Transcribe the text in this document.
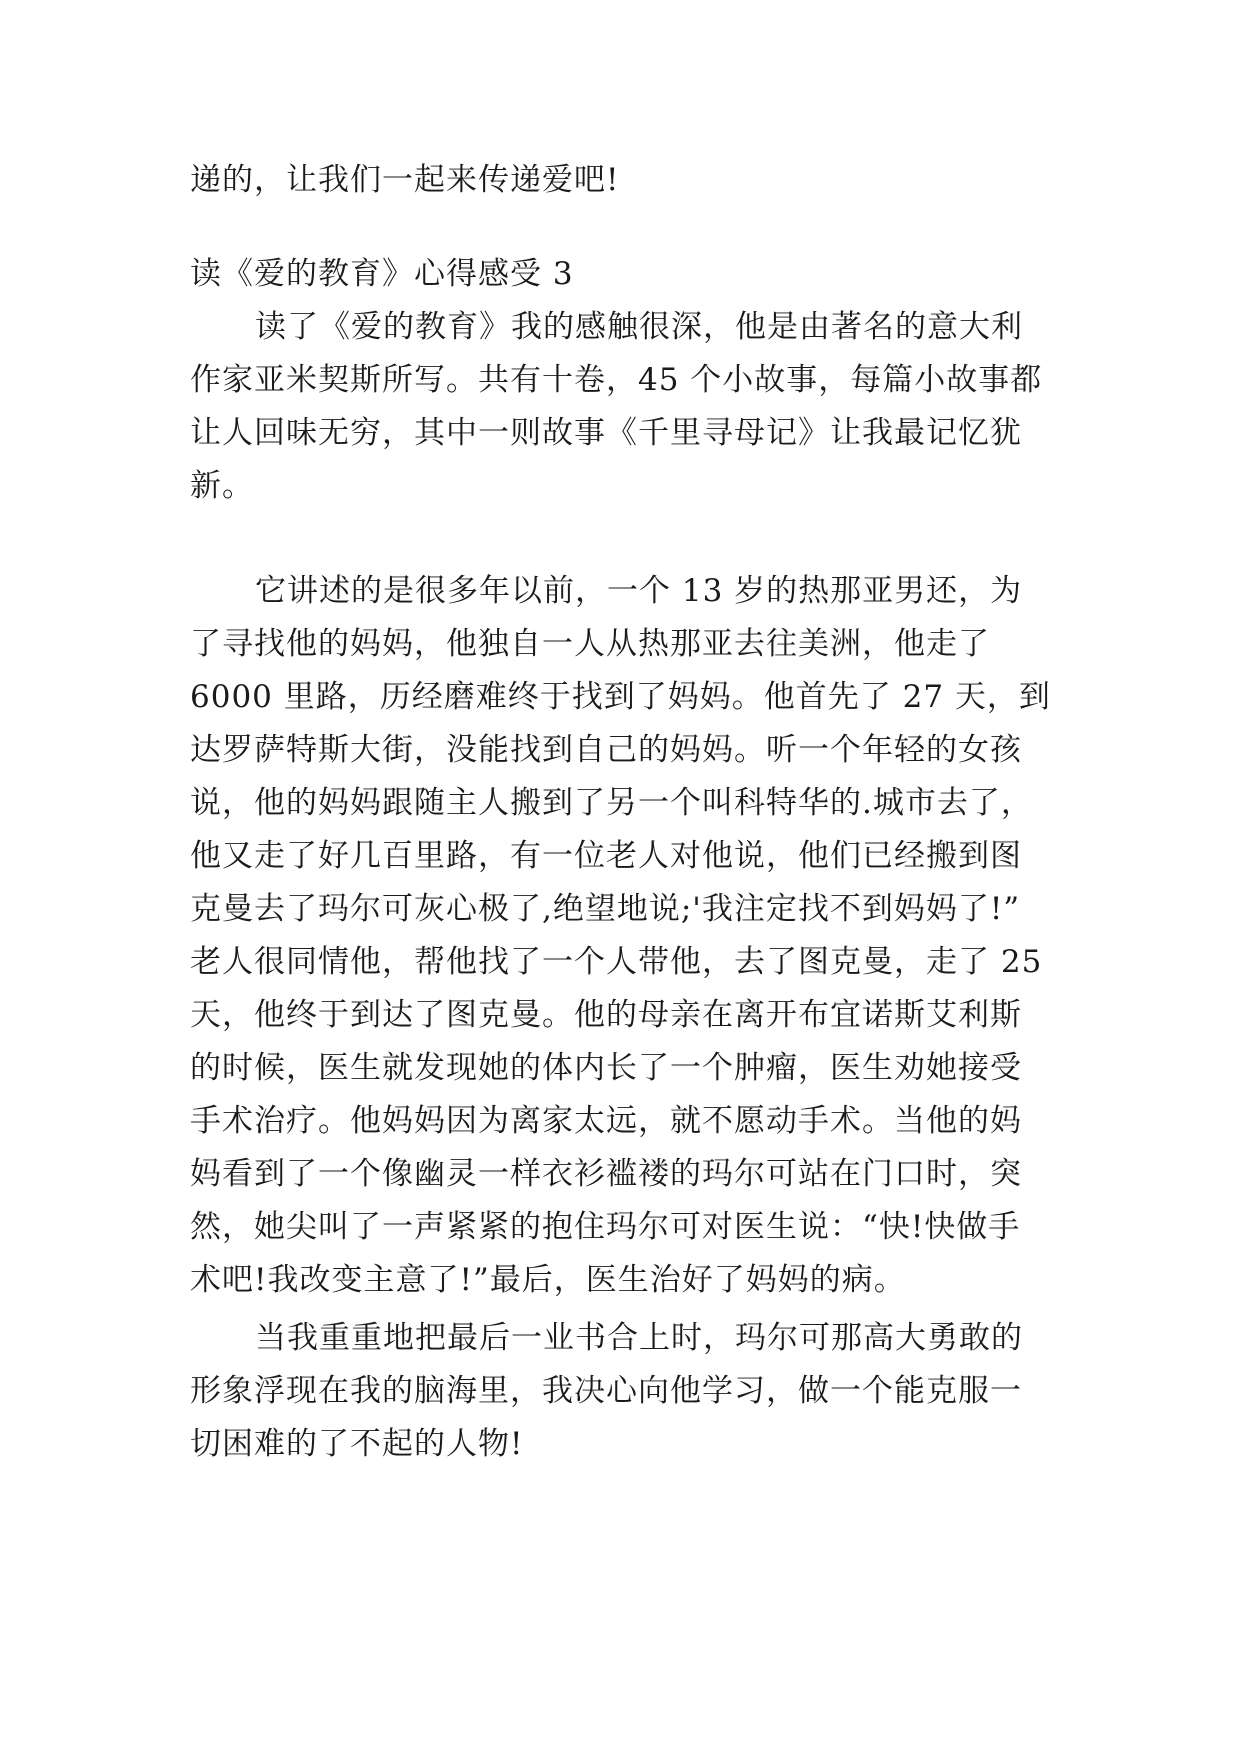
递的，让我们一起来传递爱吧!
读《爱的教育》心得感受 3
读了《爱的教育》我的感触很深，他是由著名的意大利
作家亚米契斯所写。共有十卷，45 个小故事，每篇小故事都
让人回味无穷，其中一则故事《千里寻母记》让我最记忆犹
新。
它讲述的是很多年以前，一个 13 岁的热那亚男还，为
了寻找他的妈妈，他独自一人从热那亚去往美洲，他走了
6000 里路，历经磨难终于找到了妈妈。他首先了 27 天，到
达罗萨特斯大街，没能找到自己的妈妈。听一个年轻的女孩
说，他的妈妈跟随主人搬到了另一个叫科特华的.城市去了，
他又走了好几百里路，有一位老人对他说，他们已经搬到图
克曼去了玛尔可灰心极了,绝望地说;'我注定找不到妈妈了!”
老人很同情他，帮他找了一个人带他，去了图克曼，走了 25
天，他终于到达了图克曼。他的母亲在离开布宜诺斯艾利斯
的时候，医生就发现她的体内长了一个肿瘤，医生劝她接受
手术治疗。他妈妈因为离家太远，就不愿动手术。当他的妈
妈看到了一个像幽灵一样衣衫褴褛的玛尔可站在门口时，突
然，她尖叫了一声紧紧的抱住玛尔可对医生说：“快!快做手
术吧!我改变主意了!”最后，医生治好了妈妈的病。
当我重重地把最后一业书合上时，玛尔可那高大勇敢的
形象浮现在我的脑海里，我决心向他学习，做一个能克服一
切困难的了不起的人物!
